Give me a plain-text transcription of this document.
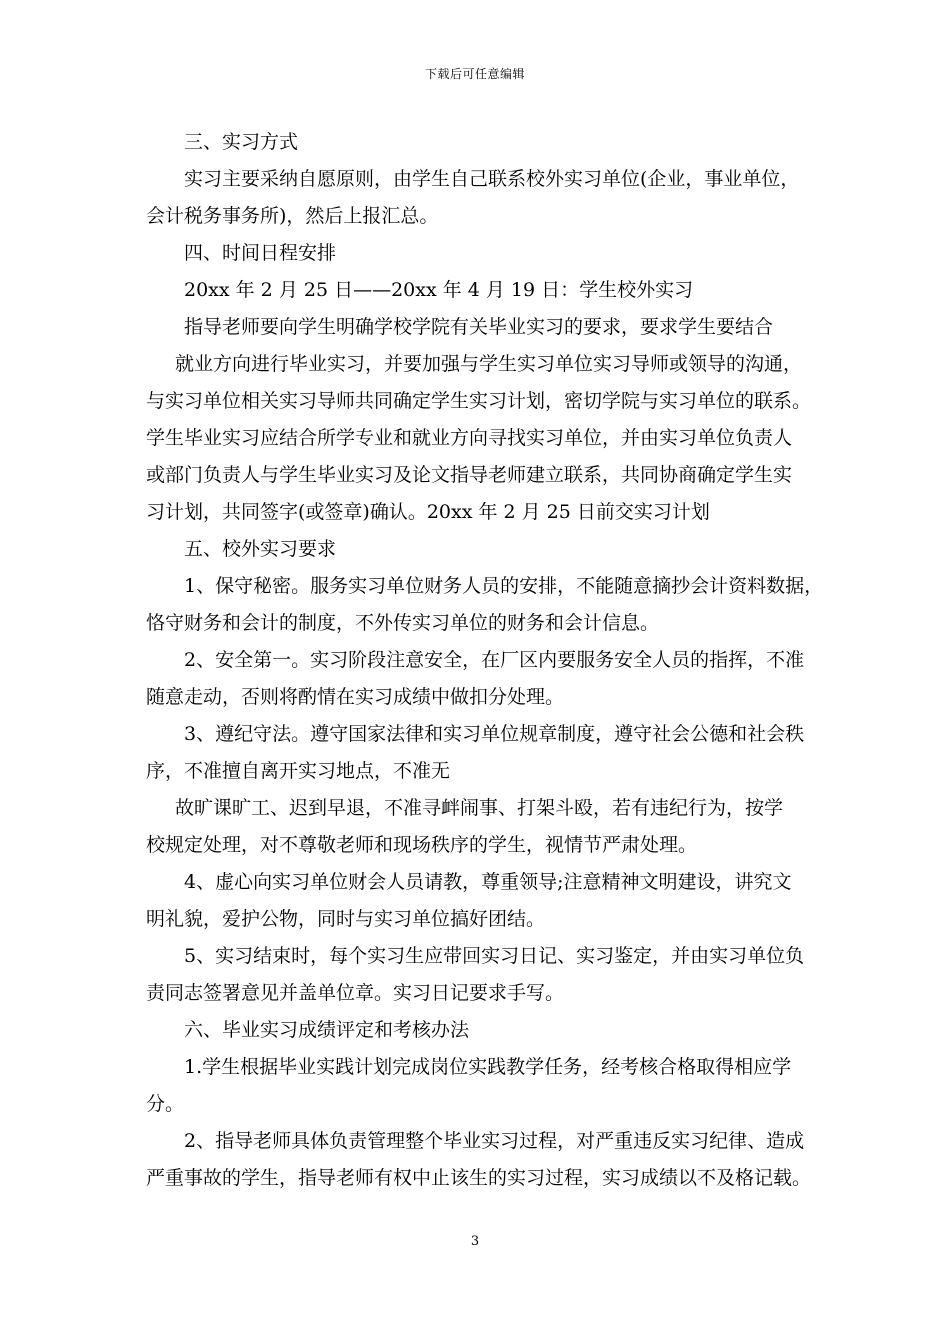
下载后可任意编辑
三、实习方式
实习主要采纳自愿原则，由学生自己联系校外实习单位(企业，事业单位，
会计税务事务所)，然后上报汇总。
四、时间日程安排
20xx 年 2 月 25 日——20xx 年 4 月 19 日：学生校外实习
指导老师要向学生明确学校学院有关毕业实习的要求，要求学生要结合
就业方向进行毕业实习，并要加强与学生实习单位实习导师或领导的沟通，
与实习单位相关实习导师共同确定学生实习计划，密切学院与实习单位的联系。
学生毕业实习应结合所学专业和就业方向寻找实习单位，并由实习单位负责人
或部门负责人与学生毕业实习及论文指导老师建立联系，共同协商确定学生实
习计划，共同签字(或签章)确认。20xx 年 2 月 25 日前交实习计划
五、校外实习要求
1、保守秘密。服务实习单位财务人员的安排，不能随意摘抄会计资料数据，
恪守财务和会计的制度，不外传实习单位的财务和会计信息。
2、安全第一。实习阶段注意安全，在厂区内要服务安全人员的指挥，不准
随意走动，否则将酌情在实习成绩中做扣分处理。
3、遵纪守法。遵守国家法律和实习单位规章制度，遵守社会公德和社会秩
序，不准擅自离开实习地点，不准无
故旷课旷工、迟到早退，不准寻衅闹事、打架斗殴，若有违纪行为，按学
校规定处理，对不尊敬老师和现场秩序的学生，视情节严肃处理。
4、虚心向实习单位财会人员请教，尊重领导;注意精神文明建设，讲究文
明礼貌，爱护公物，同时与实习单位搞好团结。
5、实习结束时，每个实习生应带回实习日记、实习鉴定，并由实习单位负
责同志签署意见并盖单位章。实习日记要求手写。
六、毕业实习成绩评定和考核办法
1.学生根据毕业实践计划完成岗位实践教学任务，经考核合格取得相应学
分。
2、指导老师具体负责管理整个毕业实习过程，对严重违反实习纪律、造成
严重事故的学生，指导老师有权中止该生的实习过程，实习成绩以不及格记载。
3
